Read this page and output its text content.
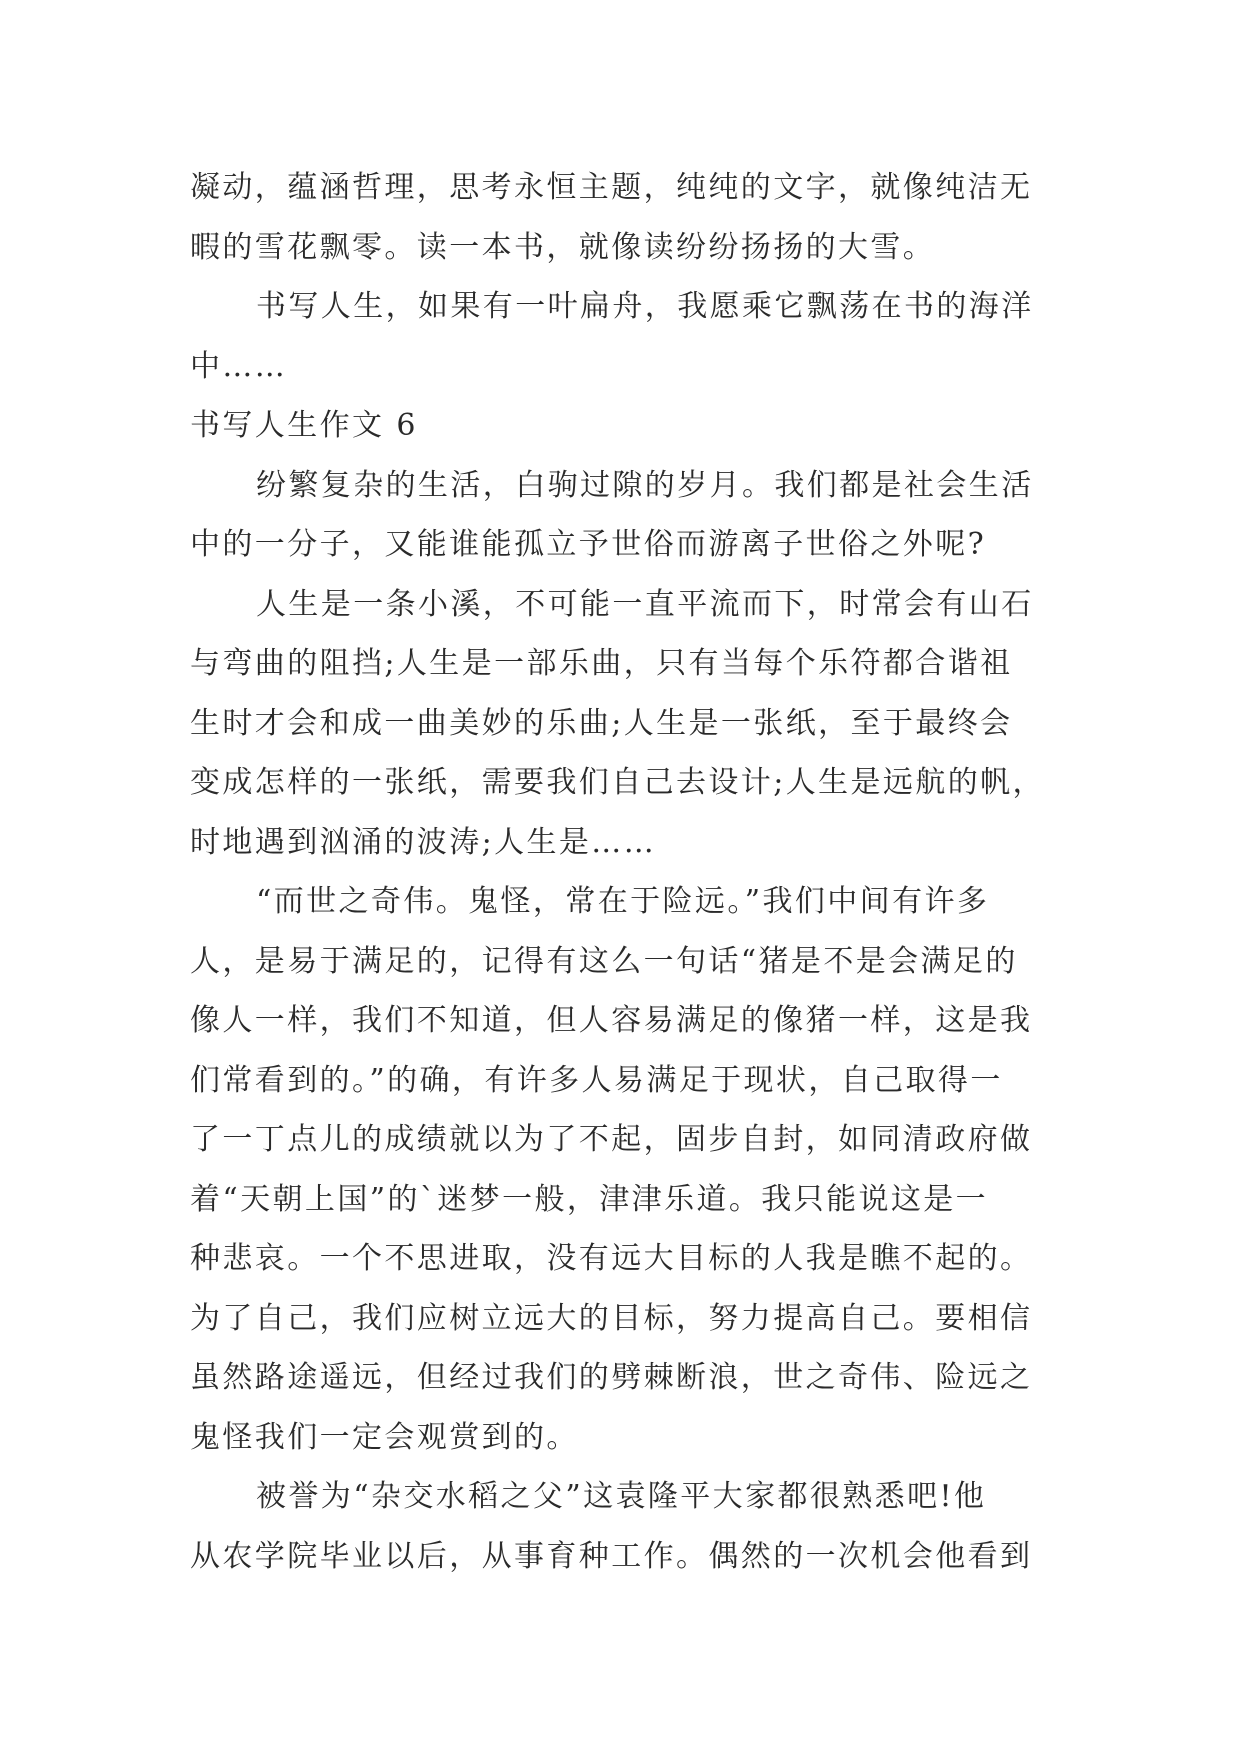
凝动，蕴涵哲理，思考永恒主题，纯纯的文字，就像纯洁无
暇的雪花飘零。读一本书，就像读纷纷扬扬的大雪。
书写人生，如果有一叶扁舟，我愿乘它飘荡在书的海洋
中……
书写人生作文 6
纷繁复杂的生活，白驹过隙的岁月。我们都是社会生活
中的一分子，又能谁能孤立予世俗而游离子世俗之外呢?
人生是一条小溪，不可能一直平流而下，时常会有山石
与弯曲的阻挡;人生是一部乐曲，只有当每个乐符都合谐祖
生时才会和成一曲美妙的乐曲;人生是一张纸，至于最终会
变成怎样的一张纸，需要我们自己去设计;人生是远航的帆，
时地遇到汹涌的波涛;人生是……
“而世之奇伟。鬼怪，常在于险远。”我们中间有许多
人，是易于满足的，记得有这么一句话“猪是不是会满足的
像人一样，我们不知道，但人容易满足的像猪一样，这是我
们常看到的。”的确，有许多人易满足于现状，自己取得一
了一丁点儿的成绩就以为了不起，固步自封，如同清政府做
着“天朝上国”的`迷梦一般，津津乐道。我只能说这是一
种悲哀。一个不思进取，没有远大目标的人我是瞧不起的。
为了自己，我们应树立远大的目标，努力提高自己。要相信
虽然路途遥远，但经过我们的劈棘断浪，世之奇伟、险远之
鬼怪我们一定会观赏到的。
被誉为“杂交水稻之父”这袁隆平大家都很熟悉吧!他
从农学院毕业以后，从事育种工作。偶然的一次机会他看到
